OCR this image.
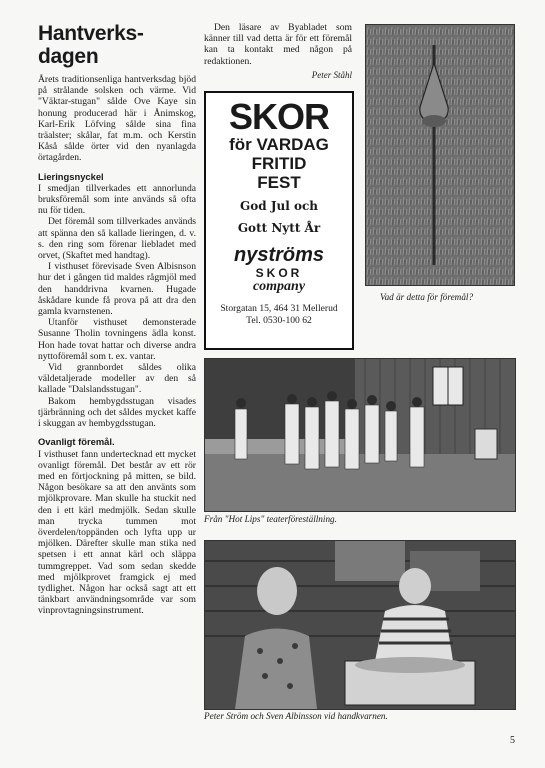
Hantverks-
dagen

Årets traditionsenliga hantverksdag bjöd på strålande solsken och värme. Vid "Väktar-stugan" sålde Ove Kaye sin honung producerad här i Ånimskog, Karl-Erik Löfving sålde sina fina träalster; skålar, fat m.m. och Kerstin Kåså sålde örter vid den nyanlagda örtagården.

Lieringsnyckel

I smedjan tillverkades ett annorlunda bruksföremål som inte används så ofta nu för tiden.

Det föremål som tillverkades används att spänna den så kallade lieringen, d. v. s. den ring som förenar liebladet med orvet, (Skaftet med handtag).

I visthuset förevisade Sven Albisnson hur det i gången tid maldes rågmjöl med den handdrivna kvarnen. Hugade åskådare kunde få prova på att dra den gamla kvarnstenen.

Utanför visthuset demonsterade Susanne Tholin tovningens ädla konst. Hon hade tovat hattar och diverse andra nyttoföremål som t. ex. vantar.

Vid grannbordet såldes olika väldetaljerade modeller av den så kallade "Dalslandsstugan".

Bakom hembygdsstugan visades tjärbränning och det såldes mycket kaffe i skuggan av hembygdsstugan.

Ovanligt föremål.

I visthuset fann undertecknad ett mycket ovanligt föremål. Det består av ett rör med en förtjockning på mitten, se bild. Någon besökare sa att den använts som mjölkprovare. Man skulle ha stuckit ned den i ett kärl medmjölk. Sedan skulle man trycka tummen mot överdelen/toppänden och lyfta upp ur mjölken. Därefter skulle man stika ned spetsen i ett annat kärl och släppa tummgreppet. Vad som sedan skedde med mjölkprovet framgick ej med tydlighet. Någon har också sagt att ett tänkbart användningsområde var som vinprovtagningsinstrument.

Den läsare av Byabladet som känner till vad detta är för ett föremål kan ta kontakt med någon på redaktionen.

Peter Ståhl
SKOR
för VARDAG
FRITID
FEST
God Jul och
Gott Nytt År
nyströms
SKOR
company
Storgatan 15, 464 31 Mellerud
Tel. 0530-100 62
Vad är detta för föremål?
Från "Hot Lips" teaterföreställning.
Peter Ström och Sven Albinsson vid handkvarnen.
5
